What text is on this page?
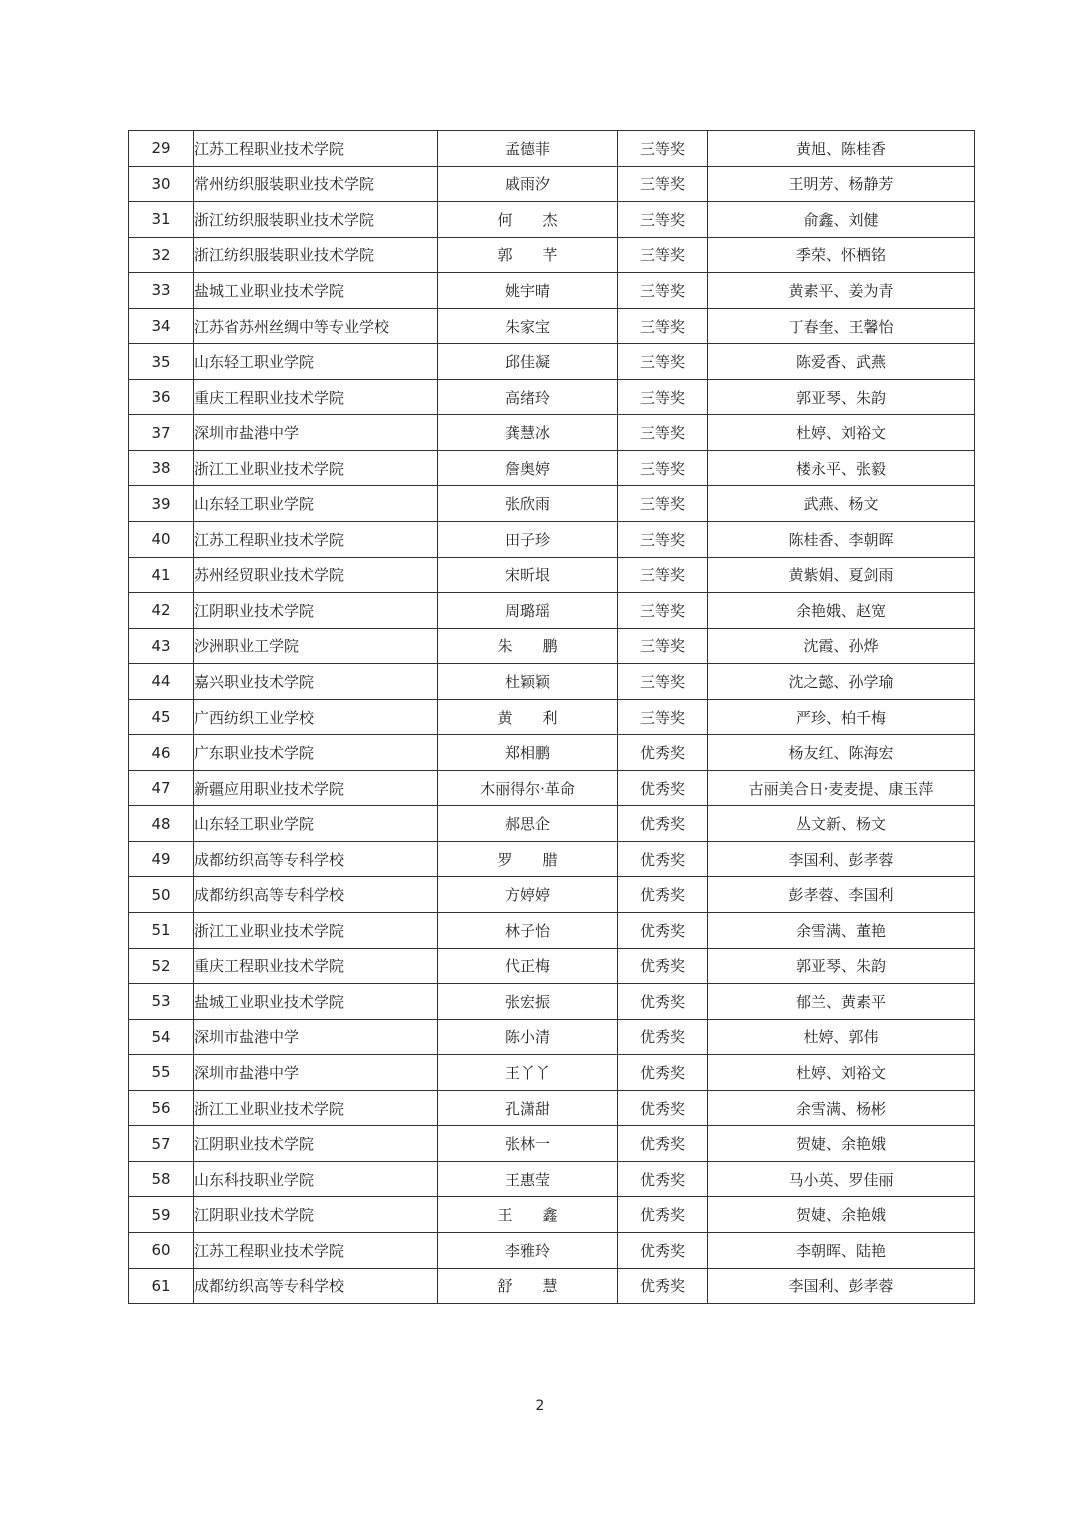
29	江苏工程职业技术学院	孟德菲	三等奖	黄旭、陈桂香
30	常州纺织服装职业技术学院	戚雨汐	三等奖	王明芳、杨静芳
31	浙江纺织服装职业技术学院	何　　杰	三等奖	俞鑫、刘健
32	浙江纺织服装职业技术学院	郭　　芊	三等奖	季荣、怀栖铭
33	盐城工业职业技术学院	姚宇晴	三等奖	黄素平、姜为青
34	江苏省苏州丝绸中等专业学校	朱家宝	三等奖	丁春奎、王馨怡
35	山东轻工职业学院	邱佳凝	三等奖	陈爱香、武燕
36	重庆工程职业技术学院	高绪玲	三等奖	郭亚琴、朱韵
37	深圳市盐港中学	龚慧冰	三等奖	杜婷、刘裕文
38	浙江工业职业技术学院	詹奥婷	三等奖	楼永平、张毅
39	山东轻工职业学院	张欣雨	三等奖	武燕、杨文
40	江苏工程职业技术学院	田子珍	三等奖	陈桂香、李朝晖
41	苏州经贸职业技术学院	宋昕垠	三等奖	黄紫娟、夏剑雨
42	江阴职业技术学院	周璐瑶	三等奖	余艳娥、赵宽
43	沙洲职业工学院	朱　　鹏	三等奖	沈霞、孙烨
44	嘉兴职业技术学院	杜颖颖	三等奖	沈之懿、孙学瑜
45	广西纺织工业学校	黄　　利	三等奖	严珍、柏千梅
46	广东职业技术学院	郑相鹏	优秀奖	杨友红、陈海宏
47	新疆应用职业技术学院	木丽得尔·革命	优秀奖	古丽美合日·麦麦提、康玉萍
48	山东轻工职业学院	郝思企	优秀奖	丛文新、杨文
49	成都纺织高等专科学校	罗　　腊	优秀奖	李国利、彭孝蓉
50	成都纺织高等专科学校	方婷婷	优秀奖	彭孝蓉、李国利
51	浙江工业职业技术学院	林子怡	优秀奖	余雪满、董艳
52	重庆工程职业技术学院	代正梅	优秀奖	郭亚琴、朱韵
53	盐城工业职业技术学院	张宏振	优秀奖	郁兰、黄素平
54	深圳市盐港中学	陈小清	优秀奖	杜婷、郭伟
55	深圳市盐港中学	王丫丫	优秀奖	杜婷、刘裕文
56	浙江工业职业技术学院	孔潇甜	优秀奖	余雪满、杨彬
57	江阴职业技术学院	张林一	优秀奖	贺婕、余艳娥
58	山东科技职业学院	王惠莹	优秀奖	马小英、罗佳丽
59	江阴职业技术学院	王　　鑫	优秀奖	贺婕、余艳娥
60	江苏工程职业技术学院	李雅玲	优秀奖	李朝晖、陆艳
61	成都纺织高等专科学校	舒　　慧	优秀奖	李国利、彭孝蓉
2
